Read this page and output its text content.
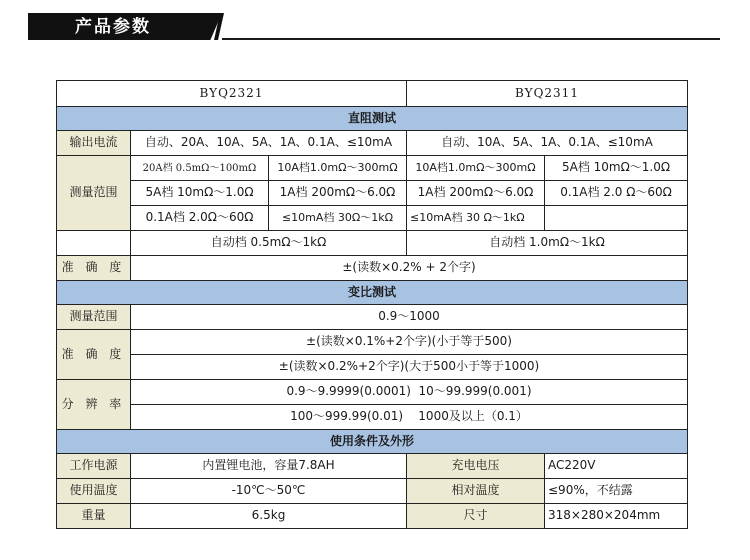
产品参数
BYQ2321			BYQ2311	
直阻测试				
输出电流	自动、20A、10A、5A、1A、0.1A、≤10mA		自动、10A、5A、1A、0.1A、≤10mA	
测量范围	20A档 0.5mΩ～100mΩ	10A档1.0mΩ～300mΩ	10A档1.0mΩ～300mΩ	5A档 10mΩ～1.0Ω
	5A档 10mΩ～1.0Ω	1A档 200mΩ～6.0Ω	1A档 200mΩ～6.0Ω	0.1A档 2.0 Ω～60Ω
	0.1A档 2.0Ω～60Ω	≤10mA档 30Ω～1kΩ	≤10mA档 30 Ω～1kΩ	
	自动档 0.5mΩ～1kΩ		自动档 1.0mΩ～1kΩ	
准 确 度	±(读数×0.2% + 2个字)			
变比测试				
测量范围	0.9～1000			
准 确 度	±(读数×0.1%+2个字)(小于等于500)			
	±(读数×0.2%+2个字)(大于500小于等于1000)			
分 辨 率	0.9～9.9999(0.0001)  10～99.999(0.001)			
	100～999.99(0.01)    1000及以上（0.1）			
使用条件及外形				
工作电源	内置锂电池，容量7.8AH		充电电压	AC220V
使用温度	-10℃～50℃		相对温度	≤90%，不结露
重量	6.5kg		尺寸	318×280×204mm
